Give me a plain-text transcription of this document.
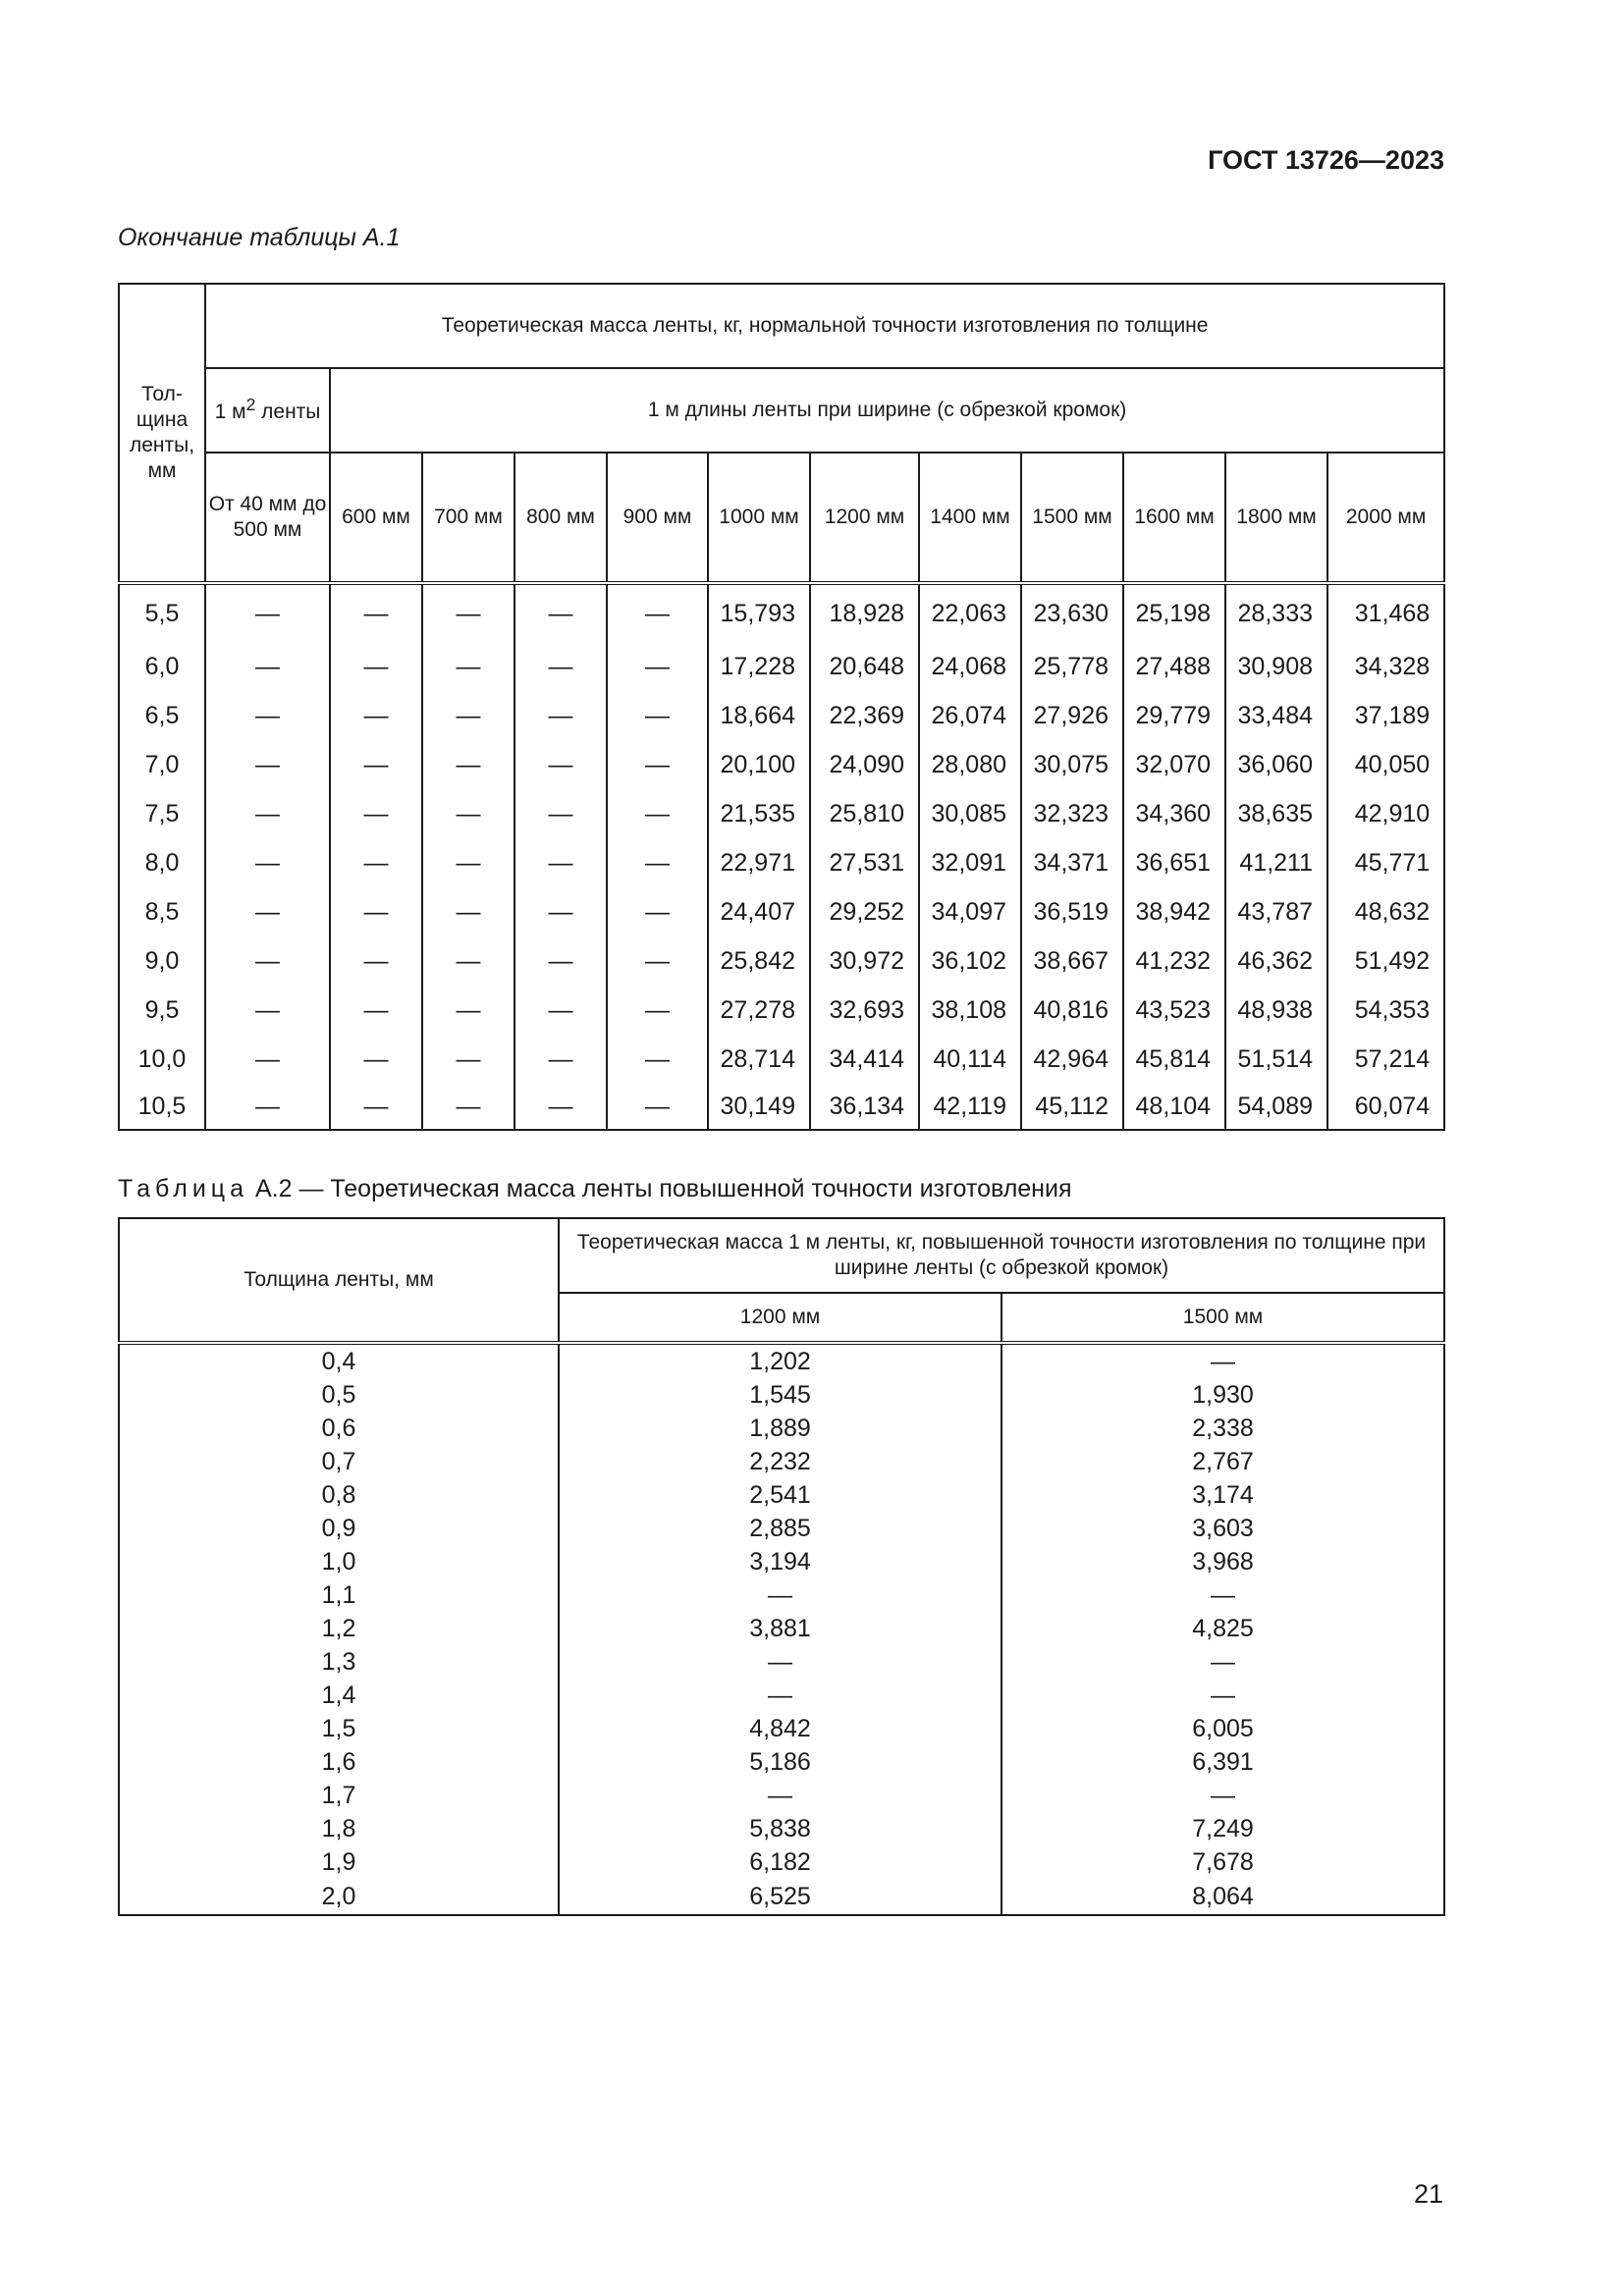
ГОСТ 13726—2023
Окончание таблицы А.1
Тол-щина ленты, мм	Теоретическая масса ленты, кг, нормальной точности изготовления по толщине											
	1 $м^2$ ленты	1 м длины ленты при ширине (с обрезкой кромок)										
	От 40 мм до 500 мм	600 мм	700 мм	800 мм	900 мм	1000 мм	1200 мм	1400 мм	1500 мм	1600 мм	1800 мм	2000 мм
5,5	—	—	—	—	—	15,793	18,928	22,063	23,630	25,198	28,333	31,468
6,0	—	—	—	—	—	17,228	20,648	24,068	25,778	27,488	30,908	34,328
6,5	—	—	—	—	—	18,664	22,369	26,074	27,926	29,779	33,484	37,189
7,0	—	—	—	—	—	20,100	24,090	28,080	30,075	32,070	36,060	40,050
7,5	—	—	—	—	—	21,535	25,810	30,085	32,323	34,360	38,635	42,910
8,0	—	—	—	—	—	22,971	27,531	32,091	34,371	36,651	41,211	45,771
8,5	—	—	—	—	—	24,407	29,252	34,097	36,519	38,942	43,787	48,632
9,0	—	—	—	—	—	25,842	30,972	36,102	38,667	41,232	46,362	51,492
9,5	—	—	—	—	—	27,278	32,693	38,108	40,816	43,523	48,938	54,353
10,0	—	—	—	—	—	28,714	34,414	40,114	42,964	45,814	51,514	57,214
10,5	—	—	—	—	—	30,149	36,134	42,119	45,112	48,104	54,089	60,074
Таблица А.2 — Теоретическая масса ленты повышенной точности изготовления
Толщина ленты, мм	Теоретическая масса 1 м ленты, кг, повышенной точности изготовления по толщине при ширине ленты (с обрезкой кромок)	
	1200 мм	1500 мм
0,4	1,202	—
0,5	1,545	1,930
0,6	1,889	2,338
0,7	2,232	2,767
0,8	2,541	3,174
0,9	2,885	3,603
1,0	3,194	3,968
1,1	—	—
1,2	3,881	4,825
1,3	—	—
1,4	—	—
1,5	4,842	6,005
1,6	5,186	6,391
1,7	—	—
1,8	5,838	7,249
1,9	6,182	7,678
2,0	6,525	8,064
21
